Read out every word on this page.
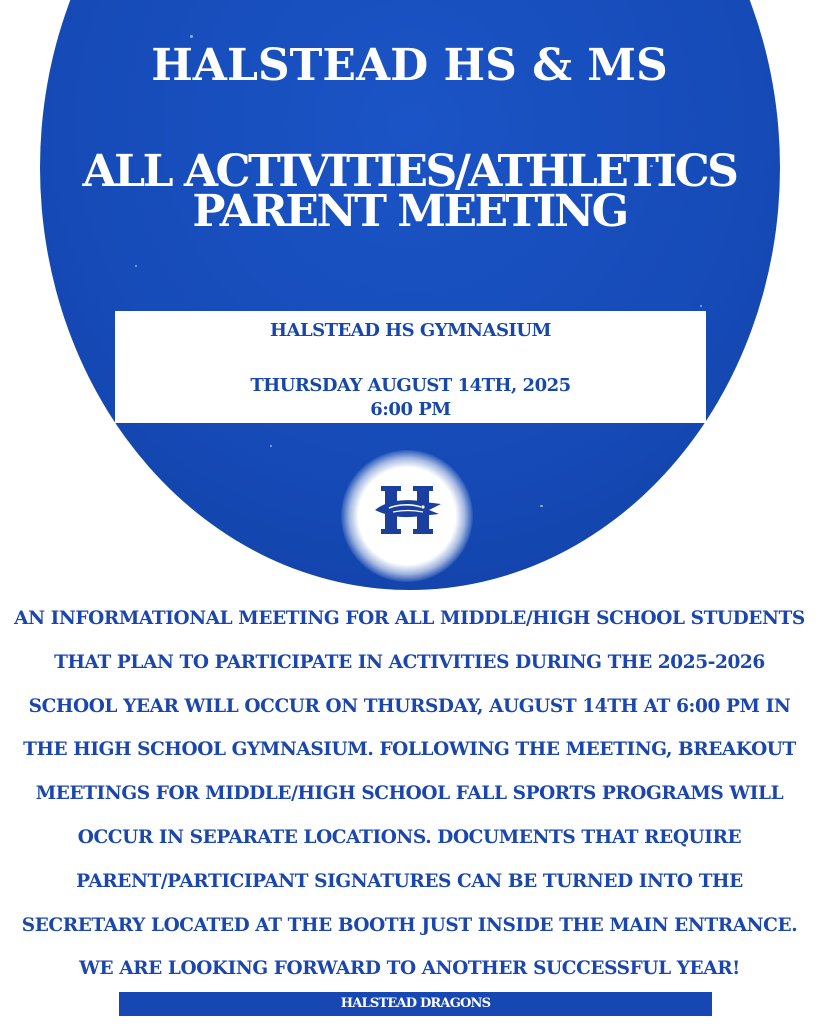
HALSTEAD HS & MS
ALL ACTIVITIES/ATHLETICS
PARENT MEETING
HALSTEAD HS GYMNASIUM
THURSDAY AUGUST 14TH, 2025
6:00 PM
AN INFORMATIONAL MEETING FOR ALL MIDDLE/HIGH SCHOOL STUDENTS
THAT PLAN TO PARTICIPATE IN ACTIVITIES DURING THE 2025-2026
SCHOOL YEAR WILL OCCUR ON THURSDAY, AUGUST 14TH AT 6:00 PM IN
THE HIGH SCHOOL GYMNASIUM. FOLLOWING THE MEETING, BREAKOUT
MEETINGS FOR MIDDLE/HIGH SCHOOL FALL SPORTS PROGRAMS WILL
OCCUR IN SEPARATE LOCATIONS. DOCUMENTS THAT REQUIRE
PARENT/PARTICIPANT SIGNATURES CAN BE TURNED INTO THE
SECRETARY LOCATED AT THE BOOTH JUST INSIDE THE MAIN ENTRANCE.
WE ARE LOOKING FORWARD TO ANOTHER SUCCESSFUL YEAR!
HALSTEAD DRAGONS
